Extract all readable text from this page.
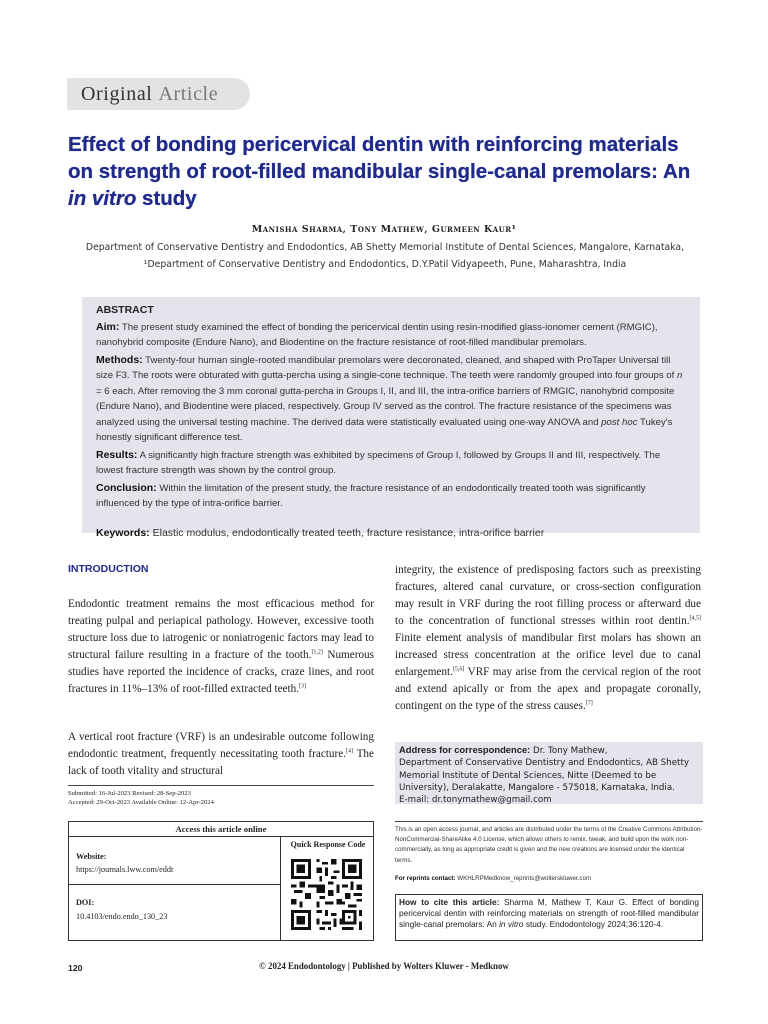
Original Article
Effect of bonding pericervical dentin with reinforcing materials on strength of root-filled mandibular single-canal premolars: An in vitro study
Manisha Sharma, Tony Mathew, Gurmeen Kaur¹
Department of Conservative Dentistry and Endodontics, AB Shetty Memorial Institute of Dental Sciences, Mangalore, Karnataka,
¹Department of Conservative Dentistry and Endodontics, D.Y.Patil Vidyapeeth, Pune, Maharashtra, India
ABSTRACT

Aim: The present study examined the effect of bonding the pericervical dentin using resin-modified glass-ionomer cement (RMGIC), nanohybrid composite (Endure Nano), and Biodentine on the fracture resistance of root-filled mandibular premolars.

Methods: Twenty-four human single-rooted mandibular premolars were decoronated, cleaned, and shaped with ProTaper Universal till size F3. The roots were obturated with gutta-percha using a single-cone technique. The teeth were randomly grouped into four groups of n = 6 each. After removing the 3 mm coronal gutta-percha in Groups I, II, and III, the intra-orifice barriers of RMGIC, nanohybrid composite (Endure Nano), and Biodentine were placed, respectively. Group IV served as the control. The fracture resistance of the specimens was analyzed using the universal testing machine. The derived data were statistically evaluated using one-way ANOVA and post hoc Tukey's honestly significant difference test.

Results: A significantly high fracture strength was exhibited by specimens of Group I, followed by Groups II and III, respectively. The lowest fracture strength was shown by the control group.

Conclusion: Within the limitation of the present study, the fracture resistance of an endodontically treated tooth was significantly influenced by the type of intra-orifice barrier.

Keywords: Elastic modulus, endodontically treated teeth, fracture resistance, intra-orifice barrier

INTRODUCTION

Endodontic treatment remains the most efficacious method for treating pulpal and periapical pathology. However, excessive tooth structure loss due to iatrogenic or noniatrogenic factors may lead to structural failure resulting in a fracture of the tooth.[1,2] Numerous studies have reported the incidence of cracks, craze lines, and root fractures in 11%–13% of root-filled extracted teeth.[3]

A vertical root fracture (VRF) is an undesirable outcome following endodontic treatment, frequently necessitating tooth fracture.[4] The lack of tooth vitality and structural

integrity, the existence of predisposing factors such as preexisting fractures, altered canal curvature, or cross-section configuration may result in VRF during the root filling process or afterward due to the concentration of functional stresses within root dentin.[4,5] Finite element analysis of mandibular first molars has shown an increased stress concentration at the orifice level due to canal enlargement.[5,6] VRF may arise from the cervical region of the root and extend apically or from the apex and propagate coronally, contingent on the type of the stress causes.[7]

Submitted: 16-Jul-2023 Revised: 28-Sep-2023
Accepted: 29-Oct-2023 Available Online: 12-Apr-2024
Access this article online
Website:
https://journals.lww.com/eddt
DOI:
10.4103/endo.endo_130_23
Quick Response Code
Address for correspondence: Dr. Tony Mathew,
Department of Conservative Dentistry and Endodontics, AB Shetty Memorial Institute of Dental Sciences, Nitte (Deemed to be University), Deralakatte, Mangalore - 575018, Karnataka, India.
E-mail: dr.tonymathew@gmail.com
This is an open access journal, and articles are distributed under the terms of the Creative Commons Attribution-NonCommercial-ShareAlike 4.0 License, which allows others to remix, tweak, and build upon the work non-commercially, as long as appropriate credit is given and the new creations are licensed under the identical terms.
For reprints contact: WKHLRPMedknow_reprints@wolterskluwer.com
How to cite this article: Sharma M, Mathew T, Kaur G. Effect of bonding pericervical dentin with reinforcing materials on strength of root-filled mandibular single-canal premolars: An in vitro study. Endodontology 2024;36:120-4.
120	© 2024 Endodontology | Published by Wolters Kluwer - Medknow
